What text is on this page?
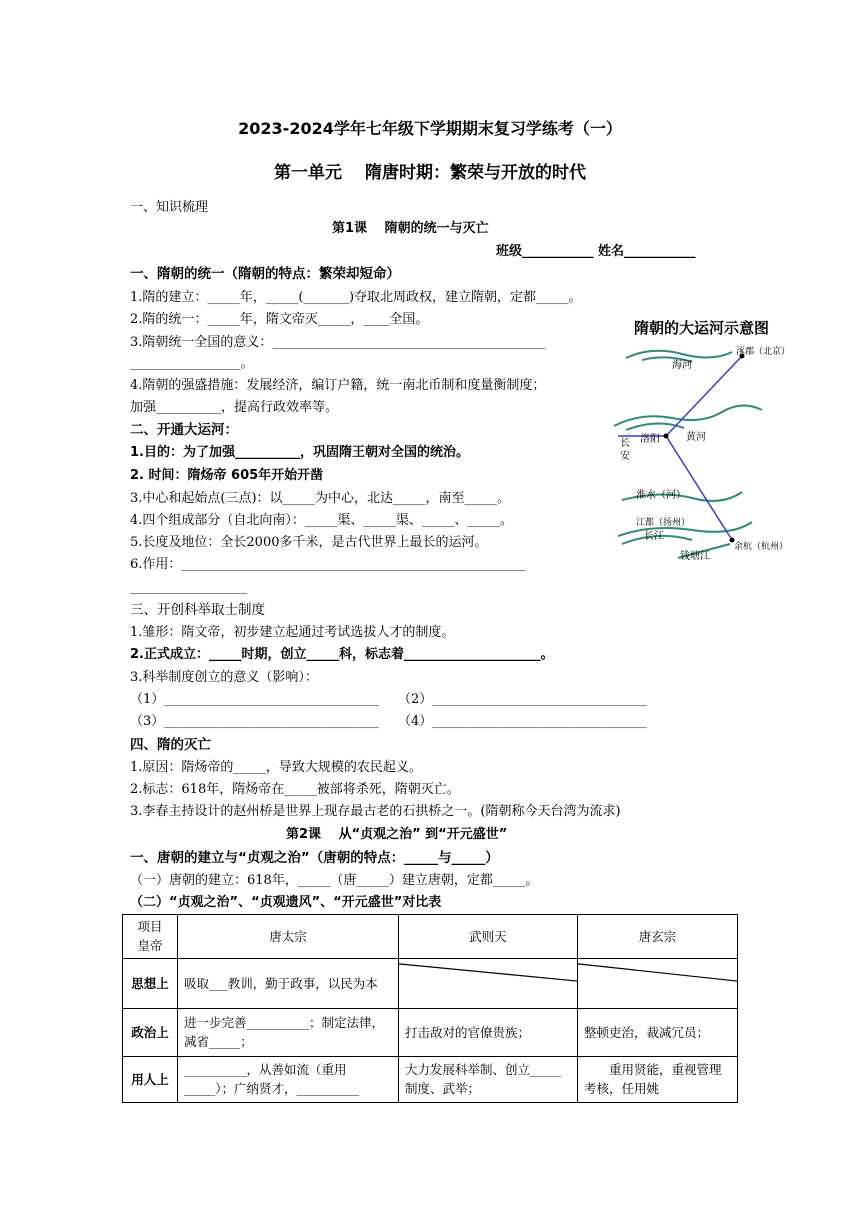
2023-2024学年七年级下学期期末复习学练考（一）
第一单元　 隋唐时期：繁荣与开放的时代
一、知识梳理
第1课　 隋朝的统一与灭亡
班级___________ 姓名___________
一、隋朝的统一（隋朝的特点：繁荣却短命）
1.隋的建立：_____年，_____(_______)夺取北周政权，建立隋朝，定都_____。
2.隋的统一：_____年，隋文帝灭_____，____全国。
3.隋朝统一全国的意义：__________________________________________
_________________。
4.隋朝的强盛措施：发展经济，编订户籍，统一南北币制和度量衡制度；
加强__________，提高行政效率等。
二、开通大运河：
1.目的：为了加强__________，巩固隋王朝对全国的统治。
2. 时间：隋炀帝 605年开始开凿
3.中心和起始点(三点)：以_____为中心，北达_____，南至_____。
4.四个组成部分（自北向南）：_____渠、_____渠、_____、_____。
5.长度及地位：全长2000多千米，是古代世界上最长的运河。
6.作用：_____________________________________________________
__________________
三、开创科举取士制度
1.雏形：隋文帝，初步建立起通过考试选拔人才的制度。
2.正式成立：_____时期，创立_____科，标志着_____________________。
3.科举制度创立的意义（影响）：
（1）_________________________________ （2）_________________________________
（3）_________________________________ （4）_________________________________
四、隋的灭亡
1.原因：隋炀帝的_____，导致大规模的农民起义。
2.标志：618年，隋炀帝在_____被部将杀死，隋朝灭亡。
3.李春主持设计的赵州桥是世界上现存最古老的石拱桥之一。(隋朝称今天台湾为流求)
第2课　 从“贞观之治” 到“开元盛世”
一、唐朝的建立与“贞观之治”（唐朝的特点：_____与_____）
（一）唐朝的建立：618年，_____（唐_____）建立唐朝，定都_____。
（二）“贞观之治”、“贞观遗风”、“开元盛世”对比表
隋朝的大运河示意图
涿郡（北京）
海河
长
安
洛阳	黄河
淮水（河）
江都（扬州）
长江
钱塘江
余杭（杭州）
项目
皇帝	唐太宗	武则天	唐玄宗
思想上	吸取___教训，勤于政事，以民为本	

政治上	进一步完善__________；制定法律，减省_____；	打击敌对的官僚贵族；	整顿吏治，裁减冗员；
用人上	__________，从善如流（重用_____）；广纳贤才，__________	大力发展科举制、创立_____制度、武举；	　　重用贤能，重视管理考核，任用姚
